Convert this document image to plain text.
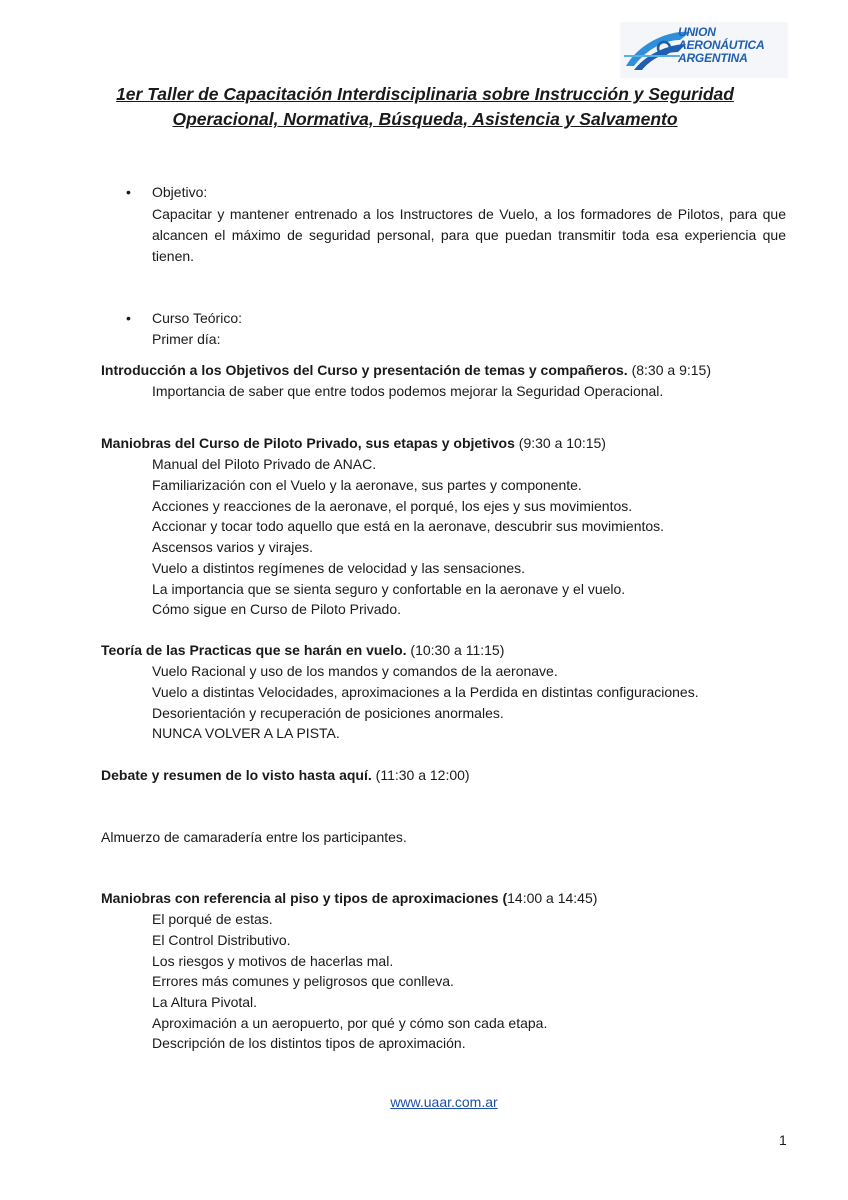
UNION
AERONÁUTICA
ARGENTINA
1er Taller de Capacitación Interdisciplinaria sobre Instrucción y Seguridad
Operacional, Normativa, Búsqueda, Asistencia y Salvamento
• Objetivo:
Capacitar y mantener entrenado a los Instructores de Vuelo, a los formadores de Pilotos, para que alcancen el máximo de seguridad personal, para que puedan transmitir toda esa experiencia que tienen.
• Curso Teórico:
Primer día:
Introducción a los Objetivos del Curso y presentación de temas y compañeros. (8:30 a 9:15)
Importancia de saber que entre todos podemos mejorar la Seguridad Operacional.
Maniobras del Curso de Piloto Privado, sus etapas y objetivos (9:30 a 10:15)
Manual del Piloto Privado de ANAC.
Familiarización con el Vuelo y la aeronave, sus partes y componente.
Acciones y reacciones de la aeronave, el porqué, los ejes y sus movimientos.
Accionar y tocar todo aquello que está en la aeronave, descubrir sus movimientos.
Ascensos varios y virajes.
Vuelo a distintos regímenes de velocidad y las sensaciones.
La importancia que se sienta seguro y confortable en la aeronave y el vuelo.
Cómo sigue en Curso de Piloto Privado.
Teoría de las Practicas que se harán en vuelo. (10:30 a 11:15)
Vuelo Racional y uso de los mandos y comandos de la aeronave.
Vuelo a distintas Velocidades, aproximaciones a la Perdida en distintas configuraciones.
Desorientación y recuperación de posiciones anormales.
NUNCA VOLVER A LA PISTA.
Debate y resumen de lo visto hasta aquí. (11:30 a 12:00)
Almuerzo de camaradería entre los participantes.
Maniobras con referencia al piso y tipos de aproximaciones (14:00 a 14:45)
El porqué de estas.
El Control Distributivo.
Los riesgos y motivos de hacerlas mal.
Errores más comunes y peligrosos que conlleva.
La Altura Pivotal.
Aproximación a un aeropuerto, por qué y cómo son cada etapa.
Descripción de los distintos tipos de aproximación.
www.uaar.com.ar
1
